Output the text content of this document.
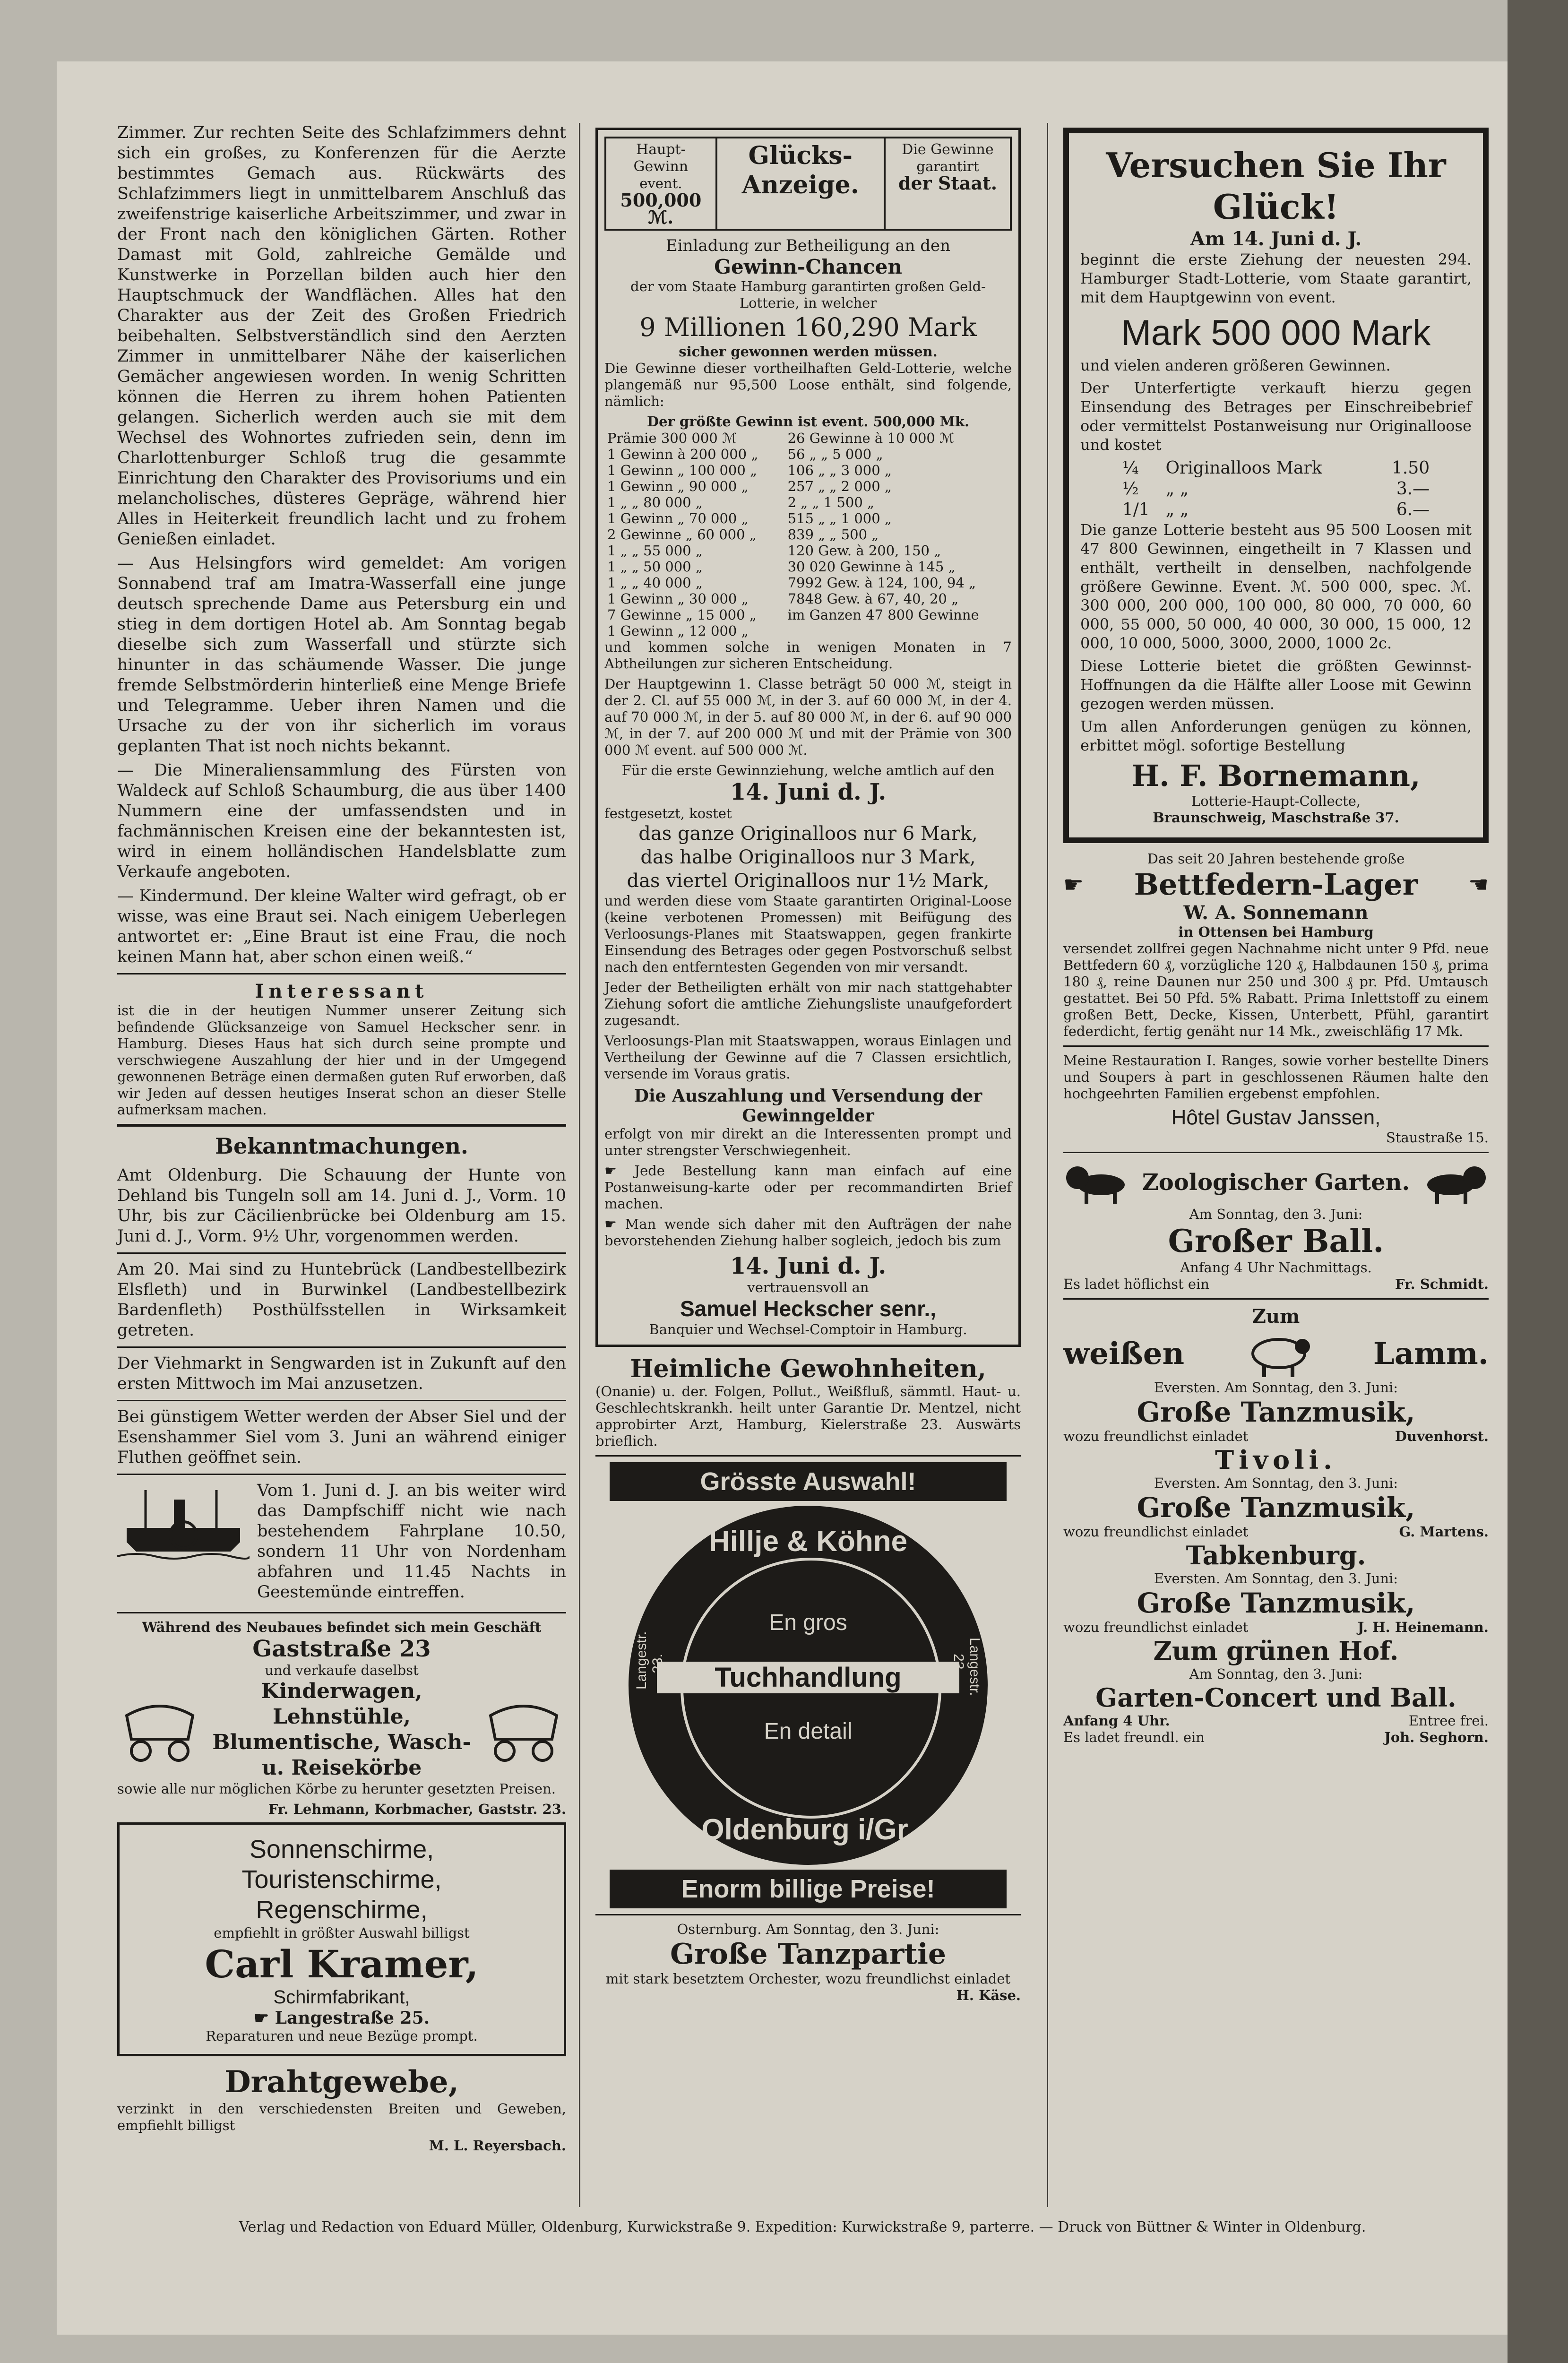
Zimmer. Zur rechten Seite des Schlafzimmers dehnt sich ein großes, zu Konferenzen für die Aerzte bestimmtes Gemach aus. Rückwärts des Schlafzimmers liegt in unmittelbarem Anschluß das zweifenstrige kaiserliche Arbeitszimmer, und zwar in der Front nach den königlichen Gärten. Rother Damast mit Gold, zahlreiche Gemälde und Kunstwerke in Porzellan bilden auch hier den Hauptschmuck der Wandflächen. Alles hat den Charakter aus der Zeit des Großen Friedrich beibehalten. Selbstverständlich sind den Aerzten Zimmer in unmittelbarer Nähe der kaiserlichen Gemächer angewiesen worden. In wenig Schritten können die Herren zu ihrem hohen Patienten gelangen. Sicherlich werden auch sie mit dem Wechsel des Wohnortes zufrieden sein, denn im Charlottenburger Schloß trug die gesammte Einrichtung den Charakter des Provisoriums und ein melancholisches, düsteres Gepräge, während hier Alles in Heiterkeit freundlich lacht und zu frohem Genießen einladet.

— Aus Helsingfors wird gemeldet: Am vorigen Sonnabend traf am Imatra-Wasserfall eine junge deutsch sprechende Dame aus Petersburg ein und stieg in dem dortigen Hotel ab. Am Sonntag begab dieselbe sich zum Wasserfall und stürzte sich hinunter in das schäumende Wasser. Die junge fremde Selbstmörderin hinterließ eine Menge Briefe und Telegramme. Ueber ihren Namen und die Ursache zu der von ihr sicherlich im voraus geplanten That ist noch nichts bekannt.

— Die Mineraliensammlung des Fürsten von Waldeck auf Schloß Schaumburg, die aus über 1400 Nummern eine der umfassendsten und in fachmännischen Kreisen eine der bekanntesten ist, wird in einem holländischen Handelsblatte zum Verkaufe angeboten.

— Kindermund. Der kleine Walter wird gefragt, ob er wisse, was eine Braut sei. Nach einigem Ueberlegen antwortet er: „Eine Braut ist eine Frau, die noch keinen Mann hat, aber schon einen weiß.“

Interessant

ist die in der heutigen Nummer unserer Zeitung sich befindende Glücksanzeige von Samuel Heckscher senr. in Hamburg. Dieses Haus hat sich durch seine prompte und verschwiegene Auszahlung der hier und in der Umgegend gewonnenen Beträge einen dermaßen guten Ruf erworben, daß wir Jeden auf dessen heutiges Inserat schon an dieser Stelle aufmerksam machen.

Bekanntmachungen.

Amt Oldenburg. Die Schauung der Hunte von Dehland bis Tungeln soll am 14. Juni d. J., Vorm. 10 Uhr, bis zur Cäcilienbrücke bei Oldenburg am 15. Juni d. J., Vorm. 9½ Uhr, vorgenommen werden.

Am 20. Mai sind zu Huntebrück (Landbestellbezirk Elsfleth) und in Burwinkel (Landbestellbezirk Bardenfleth) Posthülfsstellen in Wirksamkeit getreten.

Der Viehmarkt in Sengwarden ist in Zukunft auf den ersten Mittwoch im Mai anzusetzen.

Bei günstigem Wetter werden der Abser Siel und der Esenshammer Siel vom 3. Juni an während einiger Fluthen geöffnet sein.

Vom 1. Juni d. J. an bis weiter wird das Dampfschiff nicht wie nach bestehendem Fahrplane 10.50, sondern 11 Uhr von Nordenham abfahren und 11.45 Nachts in Geestemünde eintreffen.

Während des Neubaues befindet sich mein Geschäft
Gaststraße 23
und verkaufe daselbst
Kinderwagen, Lehnstühle, Blumentische, Wasch- u. Reisekörbe

sowie alle nur möglichen Körbe zu herunter gesetzten Preisen.

Fr. Lehmann, Korbmacher, Gaststr. 23.
Sonnenschirme,
Touristenschirme,
Regenschirme,
empfiehlt in größter Auswahl billigst
Carl Kramer,
Schirmfabrikant,
☛ Langestraße 25.
Reparaturen und neue Bezüge prompt.
Drahtgewebe,

verzinkt in den verschiedensten Breiten und Geweben, empfiehlt billigst

M. L. Reyersbach.
Haupt-Gewinn
event.
500,000 ℳ.
Glücks-
Anzeige.
Die Gewinne
garantirt
der Staat.
Einladung zur Betheiligung an den
Gewinn-Chancen
der vom Staate Hamburg garantirten großen Geld-Lotterie, in welcher
9 Millionen 160,290 Mark
sicher gewonnen werden müssen.

Die Gewinne dieser vortheilhaften Geld-Lotterie, welche plangemäß nur 95,500 Loose enthält, sind folgende, nämlich:

Der größte Gewinn ist event. 500,000 Mk.
Prämie 300 000 ℳ	26 Gewinne à 10 000 ℳ
1 Gewinn à 200 000 „	56 „ „ 5 000 „
1 Gewinn „ 100 000 „	106 „ „ 3 000 „
1 Gewinn „ 90 000 „	257 „ „ 2 000 „
1 „ „ 80 000 „	2 „ „ 1 500 „
1 Gewinn „ 70 000 „	515 „ „ 1 000 „
2 Gewinne „ 60 000 „	839 „ „ 500 „
1 „ „ 55 000 „	120 Gew. à 200, 150 „
1 „ „ 50 000 „	30 020 Gewinne à 145 „
1 „ „ 40 000 „	7992 Gew. à 124, 100, 94 „
1 Gewinn „ 30 000 „	7848 Gew. à 67, 40, 20 „
7 Gewinne „ 15 000 „	im Ganzen 47 800 Gewinne
1 Gewinn „ 12 000 „	

und kommen solche in wenigen Monaten in 7 Abtheilungen zur sicheren Entscheidung.

Der Hauptgewinn 1. Classe beträgt 50 000 ℳ, steigt in der 2. Cl. auf 55 000 ℳ, in der 3. auf 60 000 ℳ, in der 4. auf 70 000 ℳ, in der 5. auf 80 000 ℳ, in der 6. auf 90 000 ℳ, in der 7. auf 200 000 ℳ und mit der Prämie von 300 000 ℳ event. auf 500 000 ℳ.

Für die erste Gewinnziehung, welche amtlich auf den
14. Juni d. J.
festgesetzt, kostet
das ganze Originalloos nur 6 Mark,
das halbe Originalloos nur 3 Mark,
das viertel Originalloos nur 1½ Mark,

und werden diese vom Staate garantirten Original-Loose (keine verbotenen Promessen) mit Beifügung des Verloosungs-Planes mit Staatswappen, gegen frankirte Einsendung des Betrages oder gegen Postvorschuß selbst nach den entferntesten Gegenden von mir versandt.

Jeder der Betheiligten erhält von mir nach stattgehabter Ziehung sofort die amtliche Ziehungsliste unaufgefordert zugesandt.

Verloosungs-Plan mit Staatswappen, woraus Einlagen und Vertheilung der Gewinne auf die 7 Classen ersichtlich, versende im Voraus gratis.

Die Auszahlung und Versendung der Gewinngelder

erfolgt von mir direkt an die Interessenten prompt und unter strengster Verschwiegenheit.

☛ Jede Bestellung kann man einfach auf eine Postanweisung-karte oder per recommandirten Brief machen.

☛ Man wende sich daher mit den Aufträgen der nahe bevorstehenden Ziehung halber sogleich, jedoch bis zum

14. Juni d. J.
vertrauensvoll an
Samuel Heckscher senr.,
Banquier und Wechsel-Comptoir in Hamburg.
Heimliche Gewohnheiten,

(Onanie) u. der. Folgen, Pollut., Weißfluß, sämmtl. Haut- u. Geschlechtskrankh. heilt unter Garantie Dr. Mentzel, nicht approbirter Arzt, Hamburg, Kielerstraße 23. Auswärts brieflich.

Grösste Auswahl!
Hillje & Köhne
En gros
Tuchhandlung
En detail
Langestr. 23.	Langestr. 23.
Oldenburg i/Gr.
Enorm billige Preise!
Osternburg. Am Sonntag, den 3. Juni:
Große Tanzpartie
mit stark besetztem Orchester, wozu freundlichst einladet
H. Käse.
Versuchen Sie Ihr Glück!
Am 14. Juni d. J.

beginnt die erste Ziehung der neuesten 294. Hamburger Stadt-Lotterie, vom Staate garantirt, mit dem Hauptgewinn von event.

Mark 500 000 Mark

und vielen anderen größeren Gewinnen.

Der Unterfertigte verkauft hierzu gegen Einsendung des Betrages per Einschreibebrief oder vermittelst Postanweisung nur Originalloose und kostet

¼	Originalloos Mark	1.50
½	„ „	3.—
1/1	„ „	6.—

Die ganze Lotterie besteht aus 95 500 Loosen mit 47 800 Gewinnen, eingetheilt in 7 Klassen und enthält, vertheilt in denselben, nachfolgende größere Gewinne. Event. ℳ. 500 000, spec. ℳ. 300 000, 200 000, 100 000, 80 000, 70 000, 60 000, 55 000, 50 000, 40 000, 30 000, 15 000, 12 000, 10 000, 5000, 3000, 2000, 1000 2c.

Diese Lotterie bietet die größten Gewinnst-Hoffnungen da die Hälfte aller Loose mit Gewinn gezogen werden müssen.

Um allen Anforderungen genügen zu können, erbittet mögl. sofortige Bestellung

H. F. Bornemann,
Lotterie-Haupt-Collecte,
Braunschweig, Maschstraße 37.
Das seit 20 Jahren bestehende große
☛ Bettfedern-Lager ☚
W. A. Sonnemann
in Ottensen bei Hamburg

versendet zollfrei gegen Nachnahme nicht unter 9 Pfd. neue Bettfedern 60 ₰, vorzügliche 120 ₰, Halbdaunen 150 ₰, prima 180 ₰, reine Daunen nur 250 und 300 ₰ pr. Pfd. Umtausch gestattet. Bei 50 Pfd. 5% Rabatt. Prima Inlettstoff zu einem großen Bett, Decke, Kissen, Unterbett, Pfühl, garantirt federdicht, fertig genäht nur 14 Mk., zweischläfig 17 Mk.

Meine Restauration I. Ranges, sowie vorher bestellte Diners und Soupers à part in geschlossenen Räumen halte den hochgeehrten Familien ergebenst empfohlen.

Hôtel Gustav Janssen,
Staustraße 15.
Zoologischer Garten.
Am Sonntag, den 3. Juni:
Großer Ball.
Anfang 4 Uhr Nachmittags.
Es ladet höflichst ein	Fr. Schmidt.
Zum
weißen	Lamm.
Eversten. Am Sonntag, den 3. Juni:
Große Tanzmusik,
wozu freundlichst einladet	Duvenhorst.
Tivoli.
Eversten. Am Sonntag, den 3. Juni:
Große Tanzmusik,
wozu freundlichst einladet	G. Martens.
Tabkenburg.
Eversten. Am Sonntag, den 3. Juni:
Große Tanzmusik,
wozu freundlichst einladet	J. H. Heinemann.
Zum grünen Hof.
Am Sonntag, den 3. Juni:
Garten-Concert und Ball.
Anfang 4 Uhr.	Entree frei.
Es ladet freundl. ein	Joh. Seghorn.
Verlag und Redaction von Eduard Müller, Oldenburg, Kurwickstraße 9. Expedition: Kurwickstraße 9, parterre. — Druck von Büttner & Winter in Oldenburg.
